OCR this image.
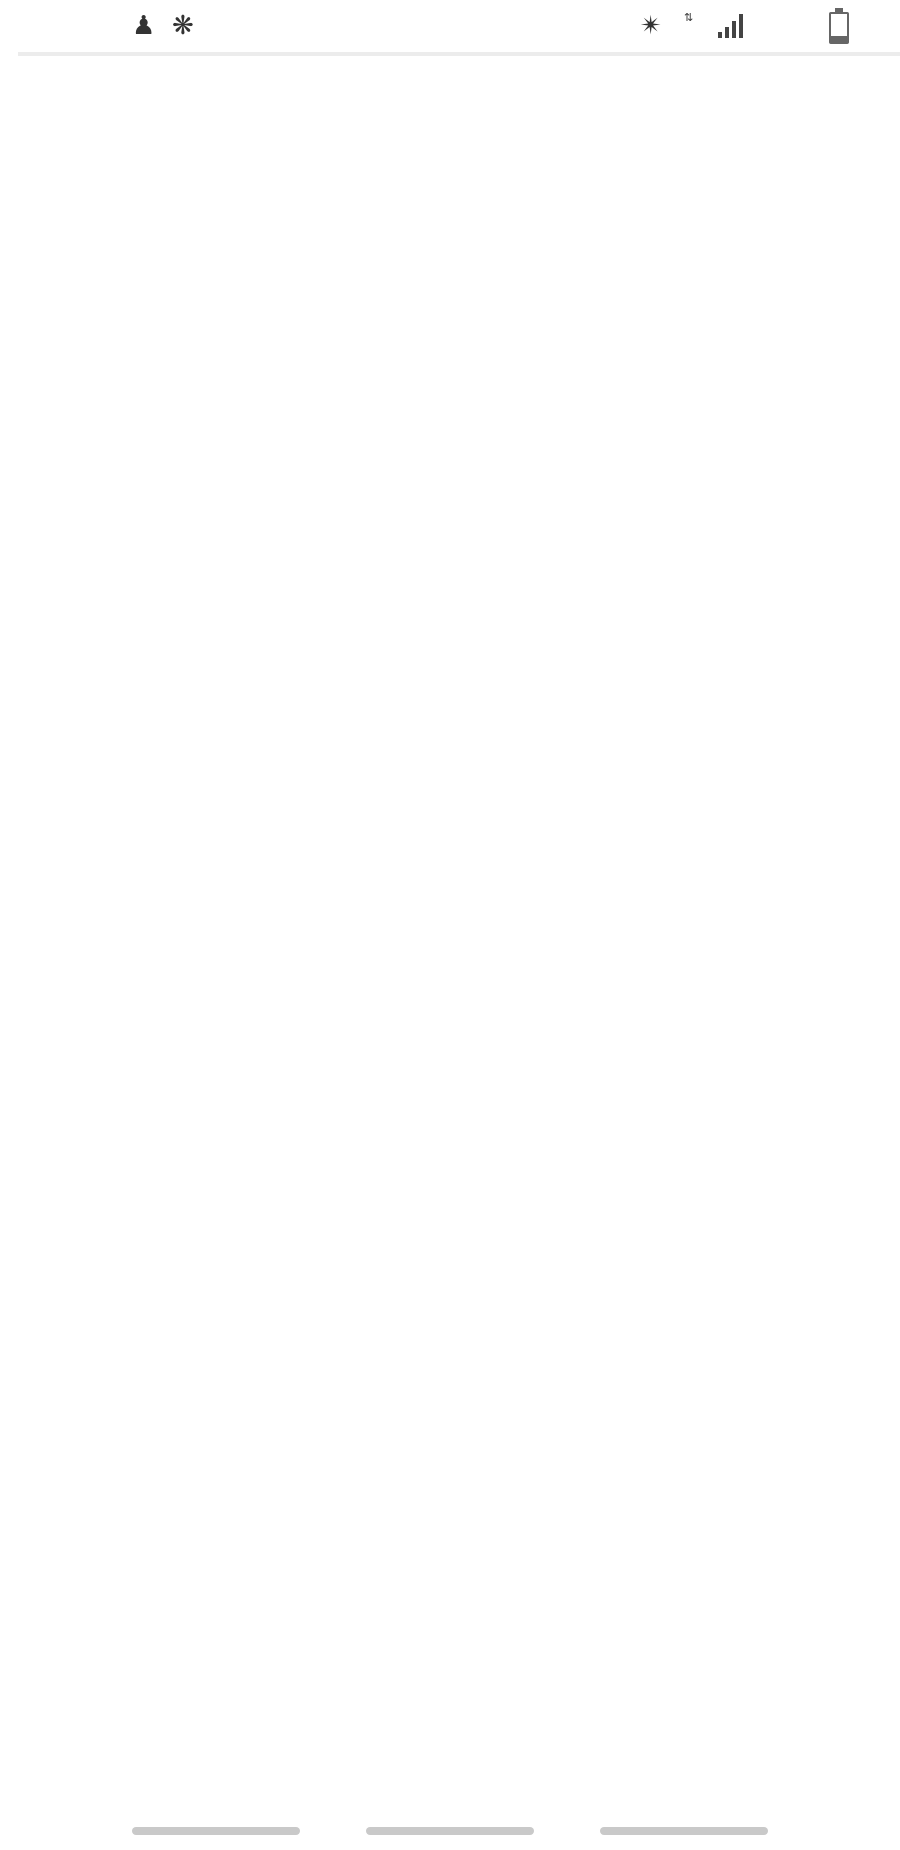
♟ ❋	✴ ⇅
